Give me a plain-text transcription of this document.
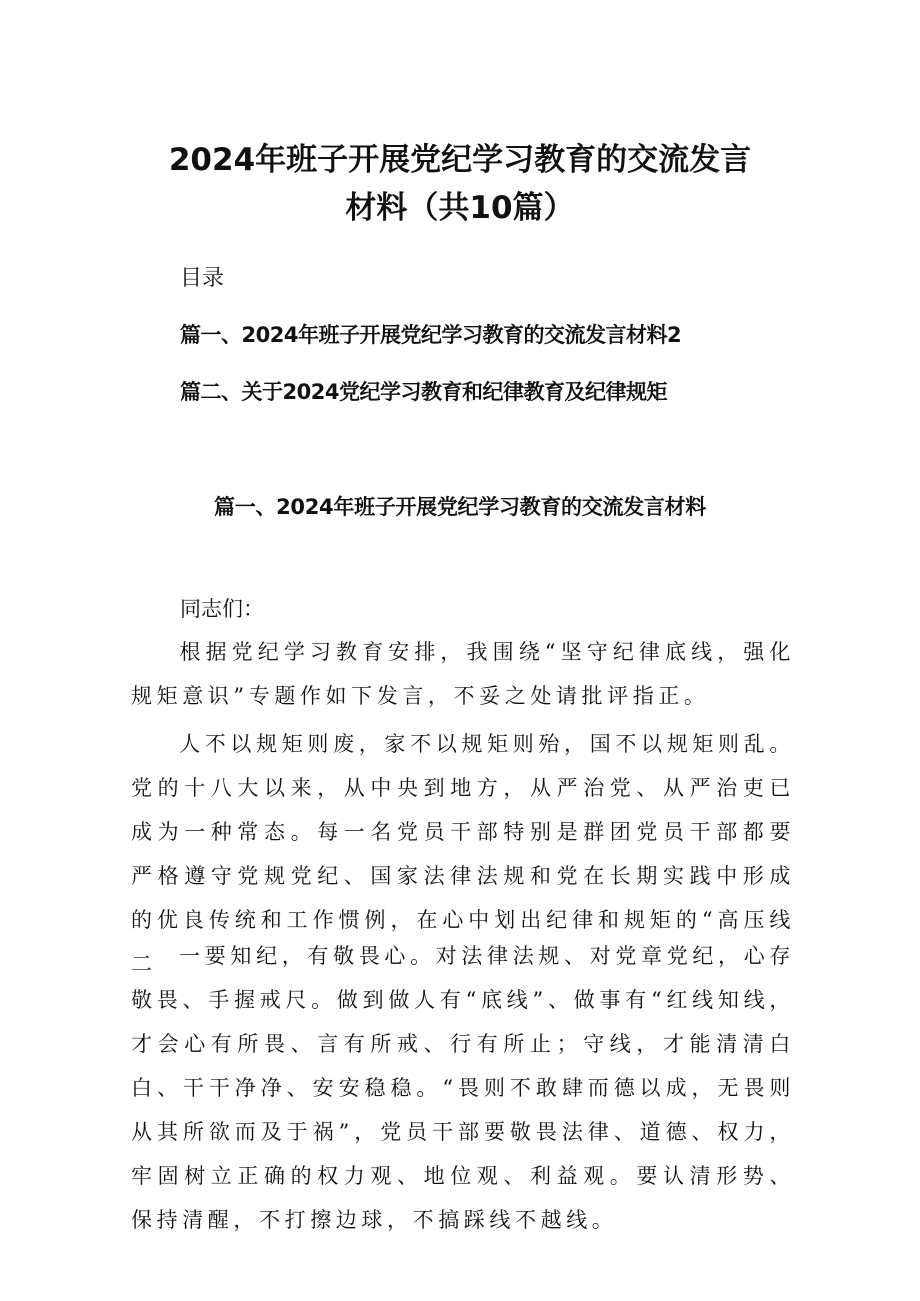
2024年班子开展党纪学习教育的交流发言
材料（共10篇）
目录
篇一、2024年班子开展党纪学习教育的交流发言材料2
篇二、关于2024党纪学习教育和纪律教育及纪律规矩
篇一、2024年班子开展党纪学习教育的交流发言材料
同志们：
根据党纪学习教育安排，我围绕“坚守纪律底线，强化规矩意识”专题作如下发言，不妥之处请批评指正。
人不以规矩则废，家不以规矩则殆，国不以规矩则乱。党的十八大以来，从中央到地方，从严治党、从严治吏已成为一种常态。每一名党员干部特别是群团党员干部都要严格遵守党规党纪、国家法律法规和党在长期实践中形成的优良传统和工作惯例，在心中划出纪律和规矩的“高压线二	一要知纪，有敬畏心。对法律法规、对党章党纪，心存敬畏、手握戒尺。做到做人有“底线”、做事有“红线知线，才会心有所畏、言有所戒、行有所止；守线，才能清清白白、干干净净、安安稳稳。“畏则不敢肆而德以成，无畏则从其所欲而及于祸”，党员干部要敬畏法律、道德、权力，牢固树立正确的权力观、地位观、利益观。要认清形势、保持清醒，不打擦边球，不搞踩线不越线。
